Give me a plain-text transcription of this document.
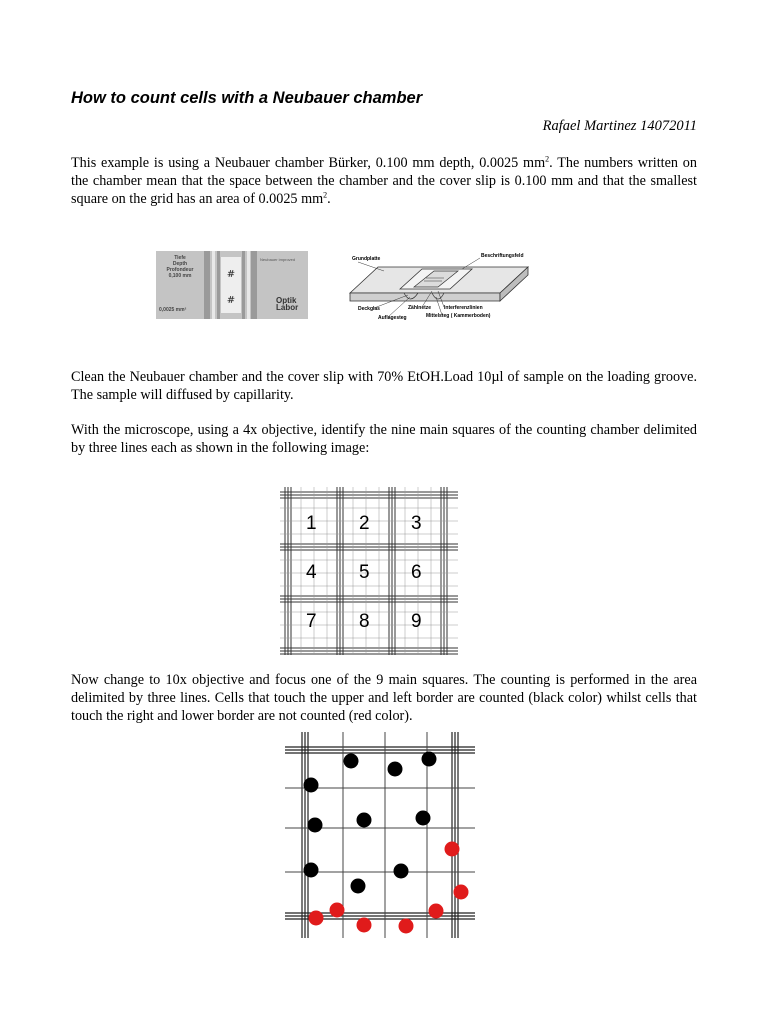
How to count cells with a Neubauer chamber
Rafael Martinez 14072011
This example is using a Neubauer chamber Bürker, 0.100 mm depth, 0.0025 $mm^2$. The numbers written on the chamber mean that the space between the chamber and the cover slip is 0.100 mm and that the smallest square on the grid has an area of 0.0025 $mm^2$.
#
#
Tiefe
Depth
Profondeur
0,100 mm
0,0025 mm²
Neubauer improved
Optik
Labor
Grundplatte	Beschriftungsfeld
Deckglas	Zählnetze
Auflagesteg
Interferenzlinien
Mittelsteg ( Kammerboden)
Clean the Neubauer chamber and the cover slip with 70% EtOH.Load 10µl of sample on the loading groove. The sample will diffused by capillarity.
With the microscope, using a 4x objective, identify the nine main squares of the counting chamber delimited by three lines each as shown in the following image:
1 2 3
4 5 6
7 8 9
Now change to 10x objective and focus one of the 9 main squares. The counting is performed in the area delimited by three lines. Cells that touch the upper and left border are counted (black color) whilst cells that touch the right and lower border are not counted (red color).
